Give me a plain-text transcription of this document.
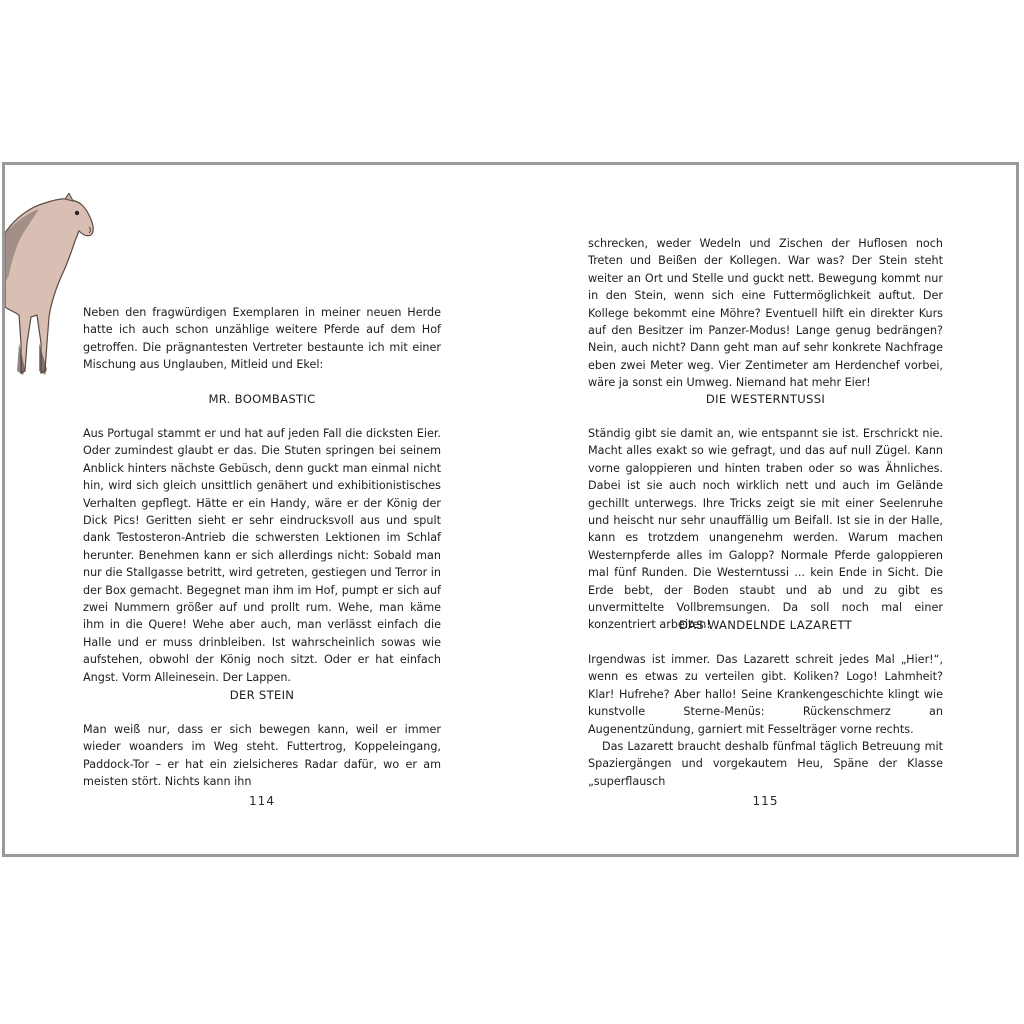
Neben den fragwürdigen Exemplaren in meiner neuen Herde hatte ich auch schon unzählige weitere Pferde auf dem Hof getroffen. Die prägnantesten Vertreter bestaunte ich mit einer Mischung aus Unglauben, Mitleid und Ekel:

MR. BOOMBASTIC

Aus Portugal stammt er und hat auf jeden Fall die dicksten Eier. Oder zumindest glaubt er das. Die Stuten springen bei seinem Anblick hinters nächste Gebüsch, denn guckt man einmal nicht hin, wird sich gleich unsittlich genähert und exhibitionistisches Verhalten gepflegt. Hätte er ein Handy, wäre er der König der Dick Pics! Geritten sieht er sehr eindrucksvoll aus und spult dank Testosteron-Antrieb die schwersten Lektionen im Schlaf herunter. Benehmen kann er sich allerdings nicht: Sobald man nur die Stallgasse betritt, wird getreten, gestiegen und Terror in der Box gemacht. Begegnet man ihm im Hof, pumpt er sich auf zwei Nummern größer auf und prollt rum. Wehe, man käme ihm in die Quere! Wehe aber auch, man verlässt einfach die Halle und er muss drinbleiben. Ist wahrscheinlich sowas wie aufstehen, obwohl der König noch sitzt. Oder er hat einfach Angst. Vorm Alleinesein. Der Lappen.

DER STEIN

Man weiß nur, dass er sich bewegen kann, weil er immer wieder woanders im Weg steht. Futtertrog, Koppeleingang, Paddock-Tor – er hat ein zielsicheres Radar dafür, wo er am meisten stört. Nichts kann ihn

114

schrecken, weder Wedeln und Zischen der Huflosen noch Treten und Beißen der Kollegen. War was? Der Stein steht weiter an Ort und Stelle und guckt nett. Bewegung kommt nur in den Stein, wenn sich eine Futtermöglichkeit auftut. Der Kollege bekommt eine Möhre? Eventuell hilft ein direkter Kurs auf den Besitzer im Panzer-Modus! Lange genug bedrängen? Nein, auch nicht? Dann geht man auf sehr konkrete Nachfrage eben zwei Meter weg. Vier Zentimeter am Herdenchef vorbei, wäre ja sonst ein Umweg. Niemand hat mehr Eier!

DIE WESTERNTUSSI

Ständig gibt sie damit an, wie entspannt sie ist. Erschrickt nie. Macht alles exakt so wie gefragt, und das auf null Zügel. Kann vorne galoppieren und hinten traben oder so was Ähnliches. Dabei ist sie auch noch wirklich nett und auch im Gelände gechillt unterwegs. Ihre Tricks zeigt sie mit einer Seelenruhe und heischt nur sehr unauffällig um Beifall. Ist sie in der Halle, kann es trotzdem unangenehm werden. Warum machen Westernpferde alles im Galopp? Normale Pferde galoppieren mal fünf Runden. Die Westerntussi ... kein Ende in Sicht. Die Erde bebt, der Boden staubt und ab und zu gibt es unvermittelte Vollbremsungen. Da soll noch mal einer konzentriert arbeiten!

DAS WANDELNDE LAZARETT

Irgendwas ist immer. Das Lazarett schreit jedes Mal „Hier!“, wenn es etwas zu verteilen gibt. Koliken? Logo! Lahmheit? Klar! Hufrehe? Aber hallo! Seine Krankengeschichte klingt wie kunstvolle Sterne-Menüs: Rückenschmerz an Augenentzündung, garniert mit Fesselträger vorne rechts.

Das Lazarett braucht deshalb fünfmal täglich Betreuung mit Spaziergängen und vorgekautem Heu, Späne der Klasse „superflausch

115
